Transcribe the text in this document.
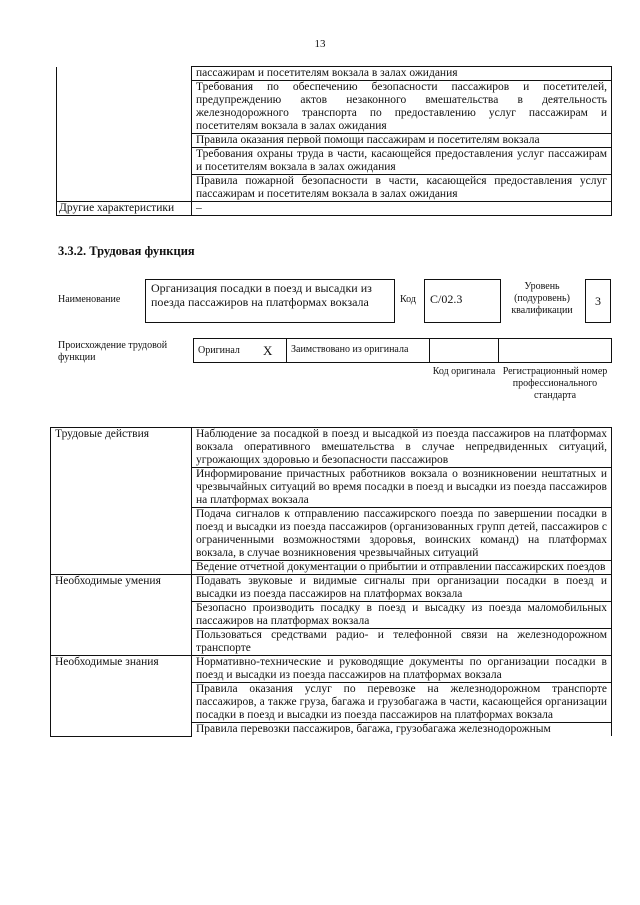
13
	пассажирам и посетителям вокзала в залах ожидания
	Требования по обеспечению безопасности пассажиров и посетителей, предупреждению актов незаконного вмешательства в деятельность железнодорожного транспорта по предоставлению услуг пассажирам и посетителям вокзала в залах ожидания
	Правила оказания первой помощи пассажирам и посетителям вокзала
	Требования охраны труда в части, касающейся предоставления услуг пассажирам и посетителям вокзала в залах ожидания
	Правила пожарной безопасности в части, касающейся предоставления услуг пассажирам и посетителям вокзала в залах ожидания
Другие характеристики	–
3.3.2. Трудовая функция
Наименование
Организация посадки в поезд и высадки из поезда пассажиров на платформах вокзала	Код	С/02.3
Уровень (подуровень) квалификации
3
Происхождение трудовой функции
Оригинал Х	Заимствовано из оригинала
Код оригинала Регистрационный номер профессионального стандарта
Трудовые действия	Наблюдение за посадкой в поезд и высадкой из поезда пассажиров на платформах вокзала оперативного вмешательства в случае непредвиденных ситуаций, угрожающих здоровью и безопасности пассажиров
	Информирование причастных работников вокзала о возникновении нештатных и чрезвычайных ситуаций во время посадки в поезд и высадки из поезда пассажиров на платформах вокзала
	Подача сигналов к отправлению пассажирского поезда по завершении посадки в поезд и высадки из поезда пассажиров (организованных групп детей, пассажиров с ограниченными возможностями здоровья, воинских команд) на платформах вокзала, в случае возникновения чрезвычайных ситуаций
	Ведение отчетной документации о прибытии и отправлении пассажирских поездов
Необходимые умения	Подавать звуковые и видимые сигналы при организации посадки в поезд и высадки из поезда пассажиров на платформах вокзала
	Безопасно производить посадку в поезд и высадку из поезда маломобильных пассажиров на платформах вокзала
	Пользоваться средствами радио- и телефонной связи на железнодорожном транспорте
Необходимые знания	Нормативно-технические и руководящие документы по организации посадки в поезд и высадки из поезда пассажиров на платформах вокзала
	Правила оказания услуг по перевозке на железнодорожном транспорте пассажиров, а также груза, багажа и грузобагажа в части, касающейся организации посадки в поезд и высадки из поезда пассажиров на платформах вокзала
	Правила перевозки пассажиров, багажа, грузобагажа железнодорожным
